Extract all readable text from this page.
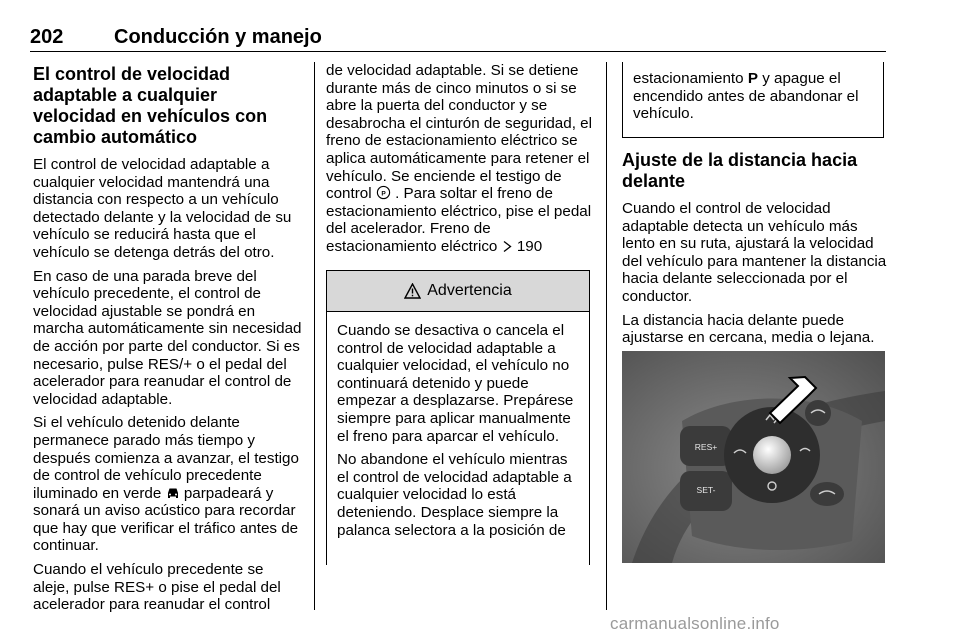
202	Conducción y manejo
El control de velocidad adaptable a cualquier velocidad en vehículos con cambio automático

El control de velocidad adaptable a cualquier velocidad mantendrá una distancia con respecto a un vehículo detectado delante y la velocidad de su vehículo se reducirá hasta que el vehículo se detenga detrás del otro.

En caso de una parada breve del vehículo precedente, el control de velocidad ajustable se pondrá en marcha automáticamente sin necesidad de acción por parte del conductor. Si es necesario, pulse RES/+ o el pedal del acelerador para reanudar el control de velocidad adaptable.

Si el vehículo detenido delante permanece parado más tiempo y después comienza a avanzar, el testigo de control de vehículo precedente iluminado en verde parpadeará y sonará un aviso acústico para recordar que hay que verificar el tráfico antes de continuar.

Cuando el vehículo precedente se aleje, pulse RES+ o pise el pedal del acelerador para reanudar el control

de velocidad adaptable. Si se detiene durante más de cinco minutos o si se abre la puerta del conductor y se desabrocha el cinturón de seguridad, el freno de estacionamiento eléctrico se aplica automáticamente para retener el vehículo. Se enciende el testigo de control P . Para soltar el freno de estacionamiento eléctrico, pise el pedal del acelerador. Freno de estacionamiento eléctrico 190

Advertencia

Cuando se desactiva o cancela el control de velocidad adaptable a cualquier velocidad, el vehículo no continuará detenido y puede empezar a desplazarse. Prepárese siempre para aplicar manualmente el freno para aparcar el vehículo.

No abandone el vehículo mientras el control de velocidad adaptable a cualquier velocidad lo está deteniendo. Desplace siempre la palanca selectora a la posición de

estacionamiento P y apague el encendido antes de abandonar el vehículo.

Ajuste de la distancia hacia delante

Cuando el control de velocidad adaptable detecta un vehículo más lento en su ruta, ajustará la velocidad del vehículo para mantener la distancia hacia delante seleccionada por el conductor.

La distancia hacia delante puede ajustarse en cercana, media o lejana.

RES+
SET-
carmanualsonline.info
